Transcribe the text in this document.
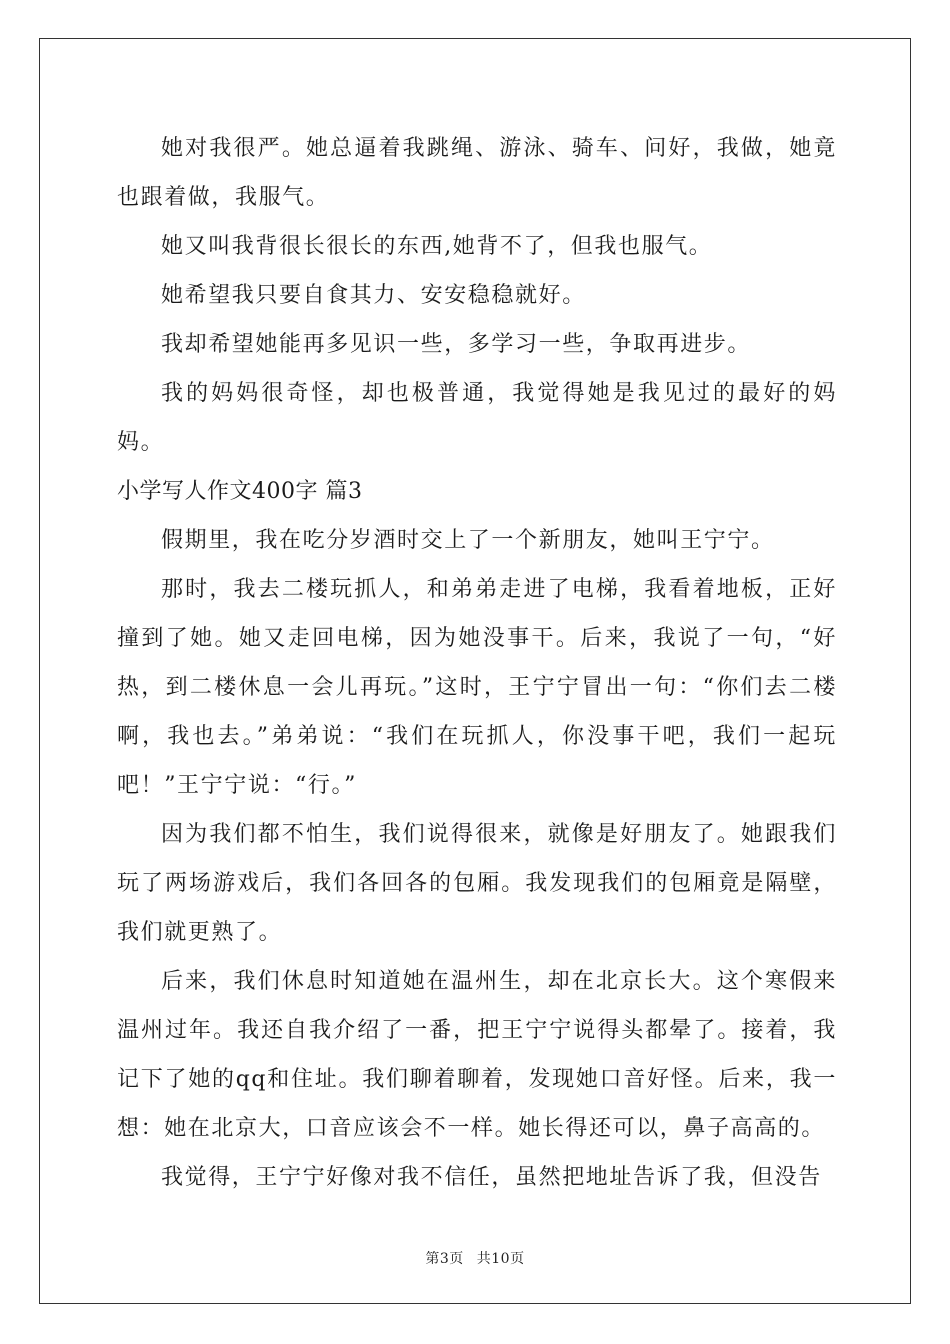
她对我很严。她总逼着我跳绳、游泳、骑车、问好，我做，她竟也跟着做，我服气。

她又叫我背很长很长的东西,她背不了，但我也服气。

她希望我只要自食其力、安安稳稳就好。

我却希望她能再多见识一些，多学习一些，争取再进步。

我的妈妈很奇怪，却也极普通，我觉得她是我见过的最好的妈妈。

小学写人作文400字 篇3

假期里，我在吃分岁酒时交上了一个新朋友，她叫王宁宁。

那时，我去二楼玩抓人，和弟弟走进了电梯，我看着地板，正好撞到了她。她又走回电梯，因为她没事干。后来，我说了一句，“好热，到二楼休息一会儿再玩。”这时，王宁宁冒出一句：“你们去二楼啊，我也去。”弟弟说：“我们在玩抓人，你没事干吧，我们一起玩吧！”王宁宁说：“行。”

因为我们都不怕生，我们说得很来，就像是好朋友了。她跟我们玩了两场游戏后，我们各回各的包厢。我发现我们的包厢竟是隔壁，我们就更熟了。

后来，我们休息时知道她在温州生，却在北京长大。这个寒假来温州过年。我还自我介绍了一番，把王宁宁说得头都晕了。接着，我记下了她的qq和住址。我们聊着聊着，发现她口音好怪。后来，我一想：她在北京大，口音应该会不一样。她长得还可以，鼻子高高的。

我觉得，王宁宁好像对我不信任，虽然把地址告诉了我，但没告

第3页 共10页
